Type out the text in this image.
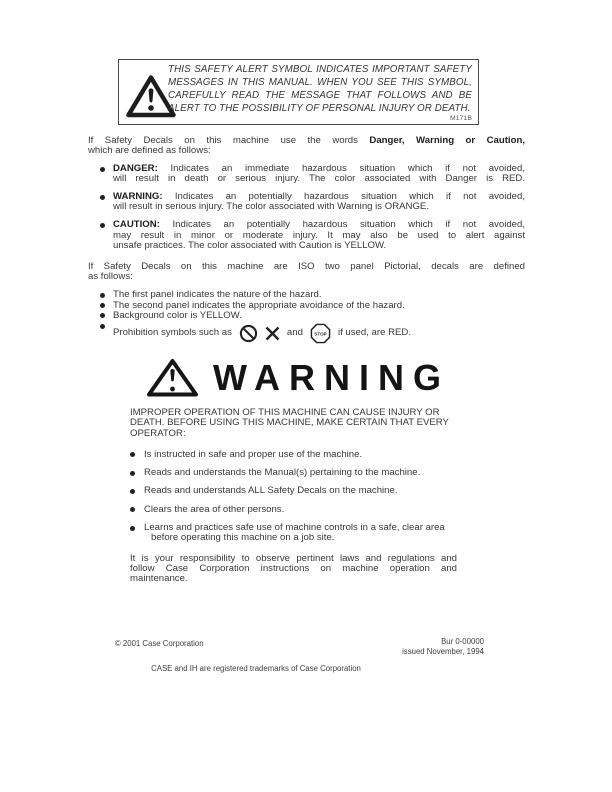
THIS SAFETY ALERT SYMBOL INDICATES IMPORTANT SAFETY
MESSAGES IN THIS MANUAL. WHEN YOU SEE THIS SYMBOL,
CAREFULLY READ THE MESSAGE THAT FOLLOWS AND BE
ALERT TO THE POSSIBILITY OF PERSONAL INJURY OR DEATH.
M171B
If Safety Decals on this machine use the words Danger, Warning or Caution,
which are defined as follows:
DANGER: Indicates an immediate hazardous situation which if not avoided,
will result in death or serious injury. The color associated with Danger is RED.
WARNING: Indicates an potentially hazardous situation which if not avoided,
will result in serious injury. The color associated with Warning is ORANGE.
CAUTION: Indicates an potentially hazardous situation which if not avoided,
may result in minor or moderate injury. It may also be used to alert against
unsafe practices. The color associated with Caution is YELLOW.
If Safety Decals on this machine are ISO two panel Pictorial, decals are defined
as follows:
The first panel indicates the nature of the hazard.
The second panel indicates the appropriate avoidance of the hazard.
Background color is YELLOW.
Prohibition symbols such as	and STOP if used, are RED.
WARNING
IMPROPER OPERATION OF THIS MACHINE CAN CAUSE INJURY OR
DEATH. BEFORE USING THIS MACHINE, MAKE CERTAIN THAT EVERY
OPERATOR:
Is instructed in safe and proper use of the machine.
Reads and understands the Manual(s) pertaining to the machine.
Reads and understands ALL Safety Decals on the machine.
Clears the area of other persons.
Learns and practices safe use of machine controls in a safe, clear area
before operating this machine on a job site.
It is your responsibility to observe pertinent laws and regulations and
follow Case Corporation instructions on machine operation and
maintenance.
© 2001 Case Corporation	Bur 0-00000
issued November, 1994
CASE and IH are registered trademarks of Case Corporation
